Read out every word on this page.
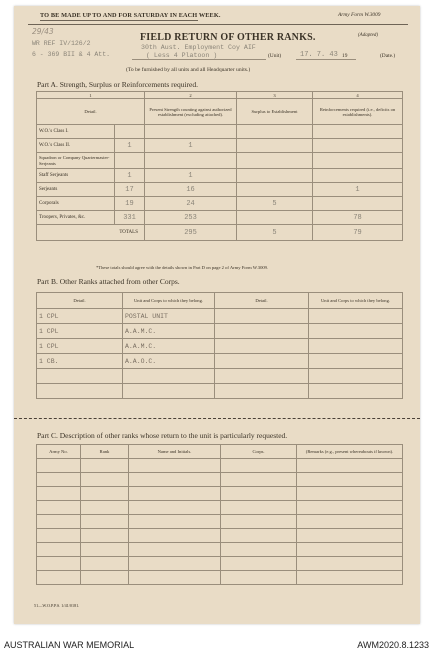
TO BE MADE UP TO AND FOR SATURDAY IN EACH WEEK.	Army Form W.3009
29/43
WR REF IV/126/2
6 - 369 BII & 4 Att.
FIELD RETURN OF OTHER RANKS.	(Adapted)
30th Aust. Employment Coy AIF
( Less 4 Platoon )	(Unit)	17. 7. 43 19	(Date.)
(To be furnished by all units and all Headquarter units.)
Part A. Strength, Surplus or Reinforcements required.
1		2	3	4
Detail.		Present Strength counting against authorized establishment (excluding attached).	Surplus to Establishment	Reinforcements required (i.e., deficits on establishments).
W.O.'s Class I.				
W.O.'s Class II.	1	1		
Squadron or Company Quartermaster-Serjeants				
Staff Serjeants	1	1		
Serjeants	17	16		1
Corporals	19	24	5	
Troopers, Privates, &c.	331	253		78
TOTALS		295	5	79
*These totals should agree with the details shown in Part D on page 2 of Army Form W.3009.
Part B. Other Ranks attached from other Corps.
Detail.	Unit and Corps to which they belong.	Detail.	Unit and Corps to which they belong.
1 CPL	POSTAL UNIT		
1 CPL	A.A.M.C.		
1 CPL	A.A.M.C.		
1 CB.	A.A.O.C.		

Part C. Description of other ranks whose return to the unit is particularly requested.
Army No.	Rank	Name and Initials.	Corps.	(Remarks (e.g., present whereabouts if known).

51—W.O.P.P.S. 1/41/0181.
AUSTRALIAN WAR MEMORIAL	AWM2020.8.1233
